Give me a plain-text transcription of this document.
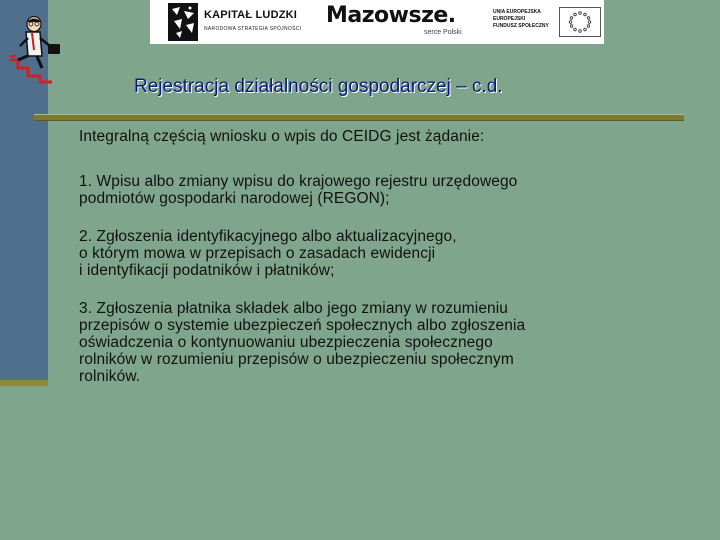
KAPITAŁ LUDZKI
NARODOWA STRATEGIA SPÓJNOŚCI
Mazowsze.
serce Polski
UNIA EUROPEJSKA
EUROPEJSKI
FUNDUSZ SPOŁECZNY
Rejestracja działalności gospodarczej – c.d.

Integralną częścią wniosku o wpis do CEIDG jest żądanie:

1. Wpisu albo zmiany wpisu do krajowego rejestru urzędowego
podmiotów gospodarki narodowej (REGON);

2. Zgłoszenia identyfikacyjnego albo aktualizacyjnego,
o którym mowa w przepisach o zasadach ewidencji
i identyfikacji podatników i płatników;

3. Zgłoszenia płatnika składek albo jego zmiany w rozumieniu
przepisów o systemie ubezpieczeń społecznych albo zgłoszenia
oświadczenia o kontynuowaniu ubezpieczenia społecznego
rolników w rozumieniu przepisów o ubezpieczeniu społecznym
rolników.
